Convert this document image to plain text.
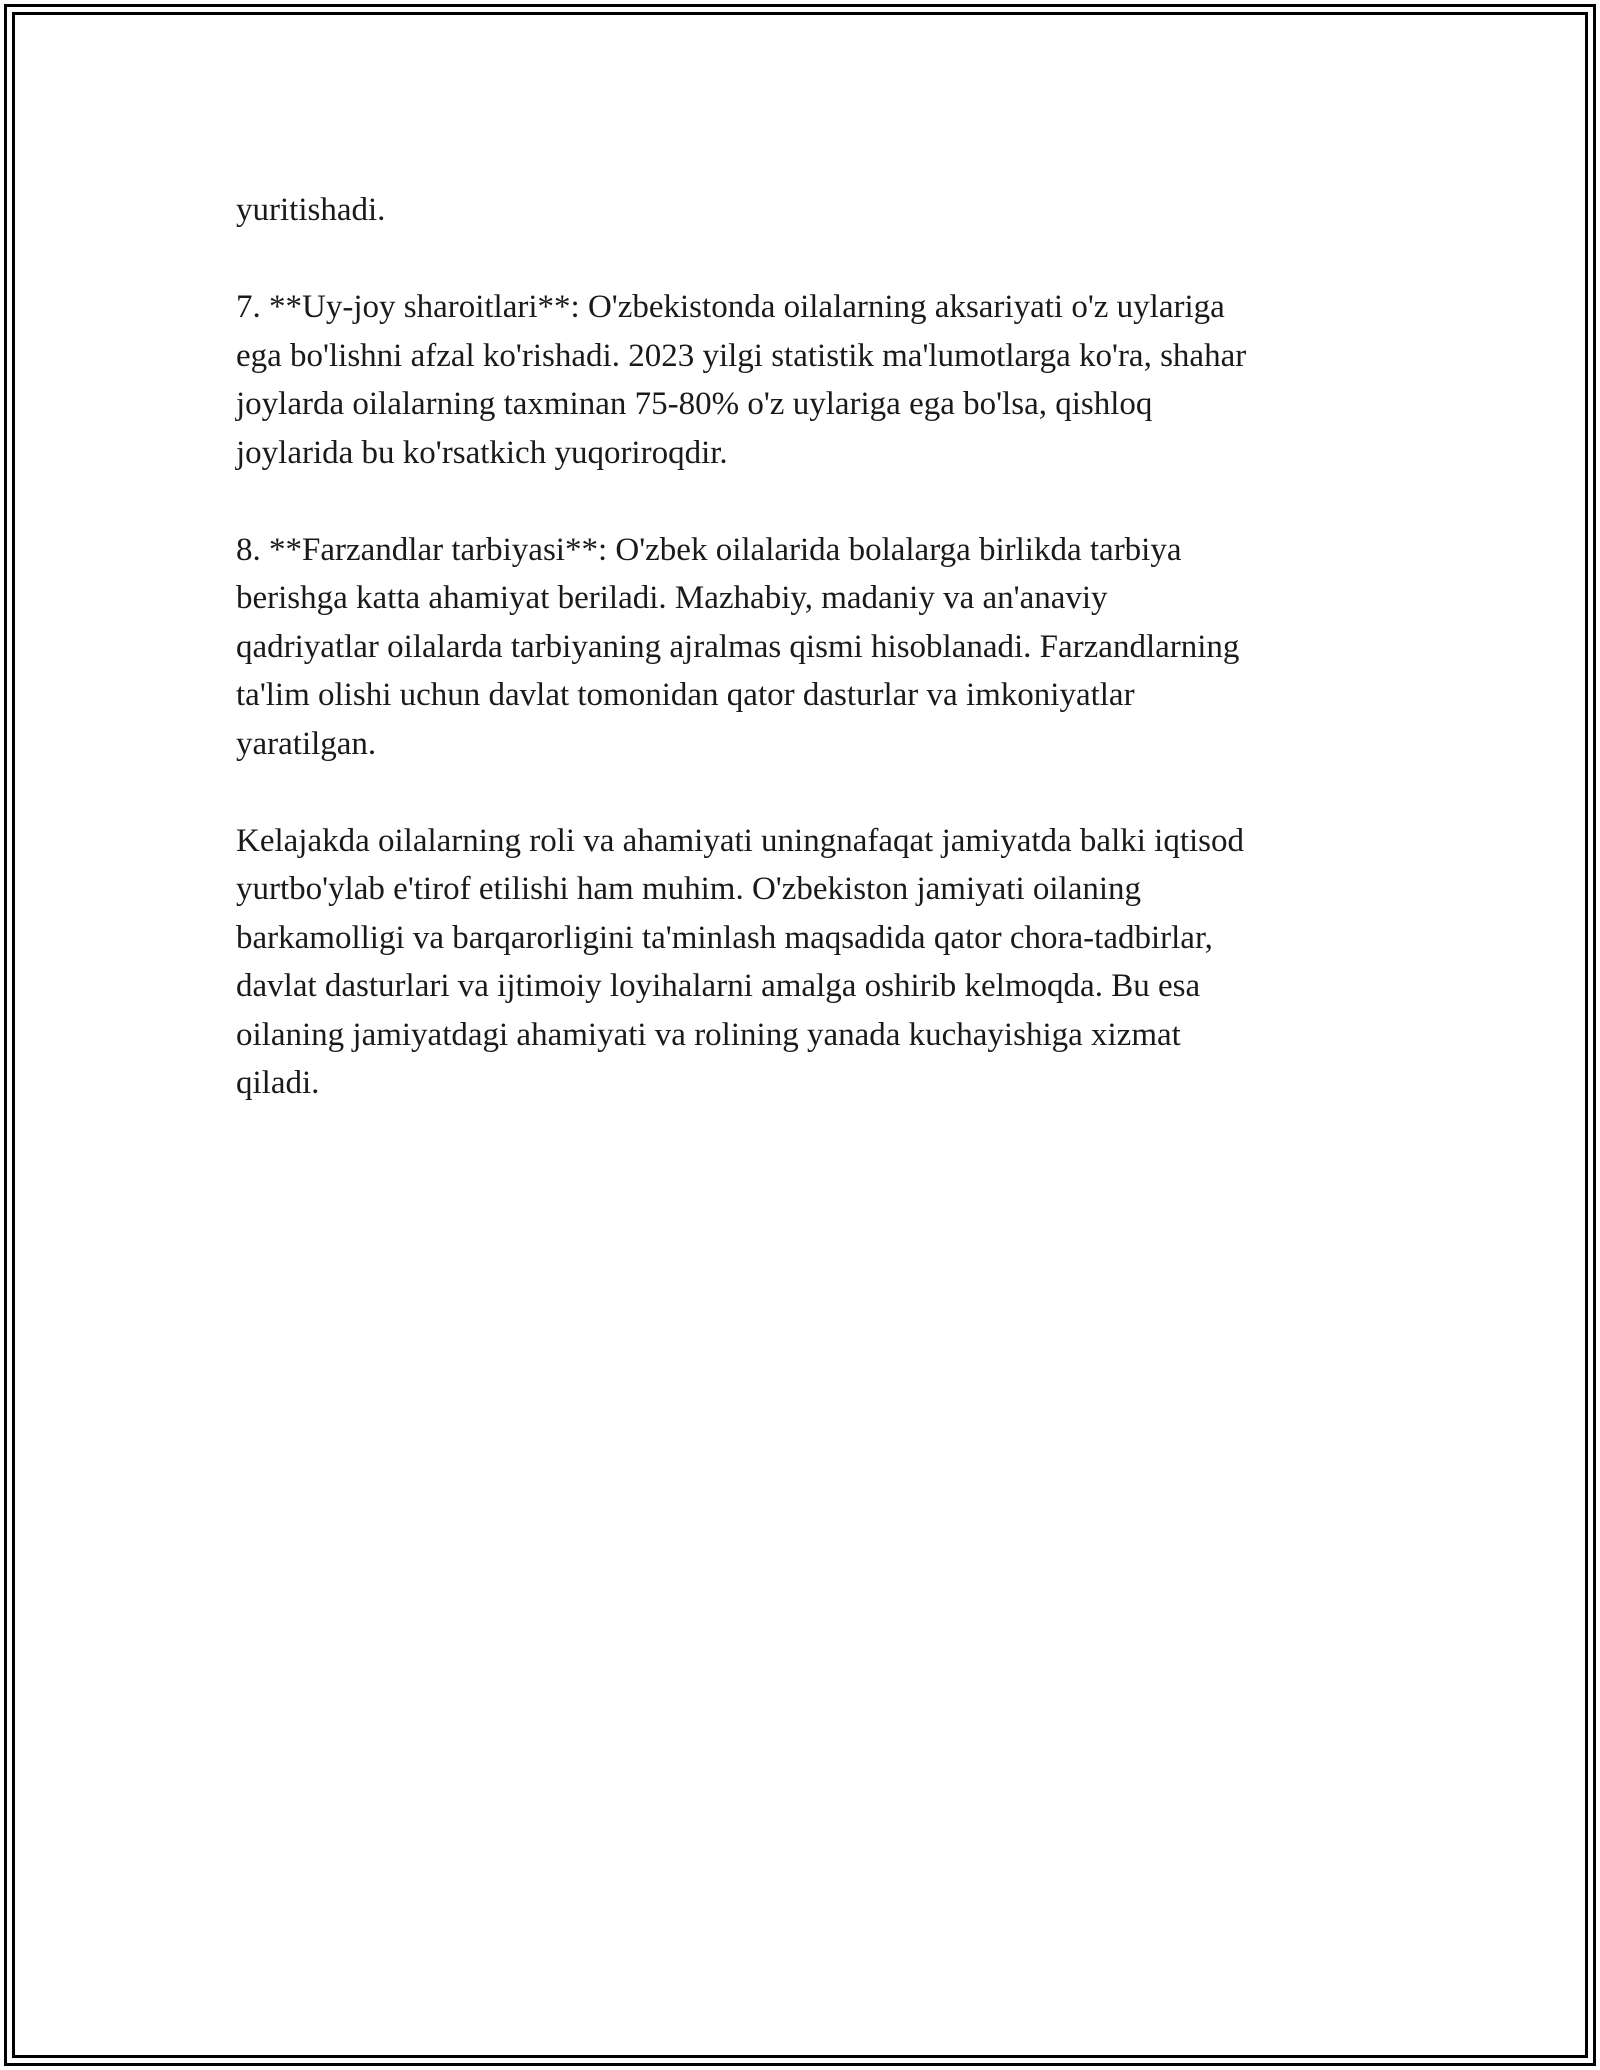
yuritishadi.

7. **Uy-joy sharoitlari**: O'zbekistonda oilalarning aksariyati o'z uylariga
ega bo'lishni afzal ko'rishadi. 2023 yilgi statistik ma'lumotlarga ko'ra, shahar
joylarda oilalarning taxminan 75-80% o'z uylariga ega bo'lsa, qishloq
joylarida bu ko'rsatkich yuqoriroqdir.

8. **Farzandlar tarbiyasi**: O'zbek oilalarida bolalarga birlikda tarbiya
berishga katta ahamiyat beriladi. Mazhabiy, madaniy va an'anaviy
qadriyatlar oilalarda tarbiyaning ajralmas qismi hisoblanadi. Farzandlarning
ta'lim olishi uchun davlat tomonidan qator dasturlar va imkoniyatlar
yaratilgan.

Kelajakda oilalarning roli va ahamiyati uningnafaqat jamiyatda balki iqtisod
yurtbo'ylab e'tirof etilishi ham muhim. O'zbekiston jamiyati oilaning
barkamolligi va barqarorligini ta'minlash maqsadida qator chora-tadbirlar,
davlat dasturlari va ijtimoiy loyihalarni amalga oshirib kelmoqda. Bu esa
oilaning jamiyatdagi ahamiyati va rolining yanada kuchayishiga xizmat
qiladi.
